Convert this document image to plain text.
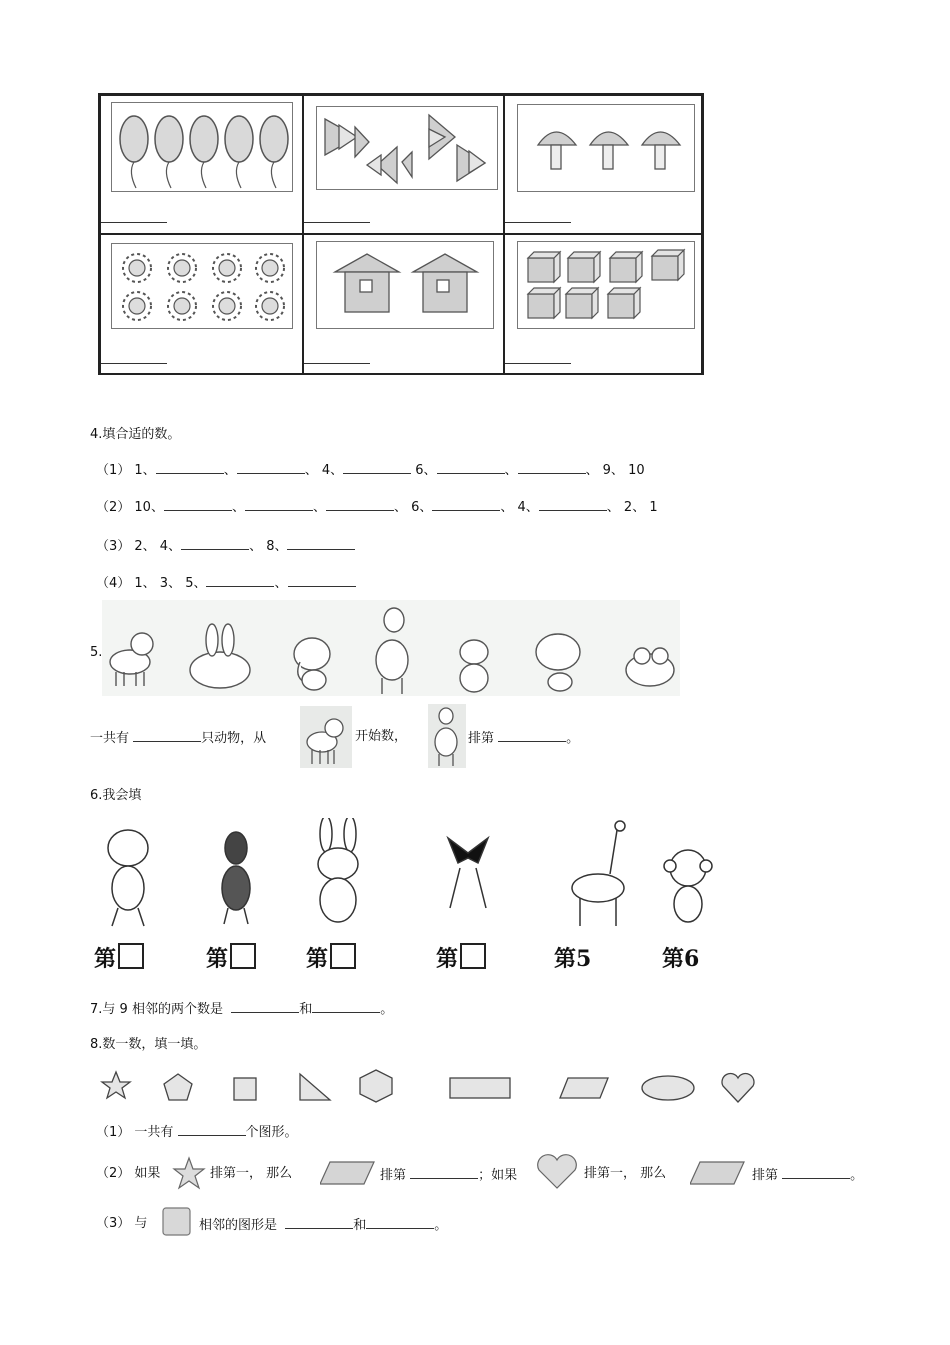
4.填合适的数。
（1） 1、	、	、 4、	6、	、	、 9、 10
（2） 10、	、	、	、 6、	、 4、	、 2、 1
（3） 2、 4、	、 8、
（4） 1、 3、 5、	、
5.
一共有	只动物，从	开始数，	排第	。
6.我会填
第	第	第	第	第5	第6
7.与 9 相邻的两个数是	和	。
8.数一数，填一填。
（1） 一共有	个图形。
（2） 如果	排第一， 那么	排第	；如果	排第一， 那么	排第	。
（3） 与	相邻的图形是	和	。
